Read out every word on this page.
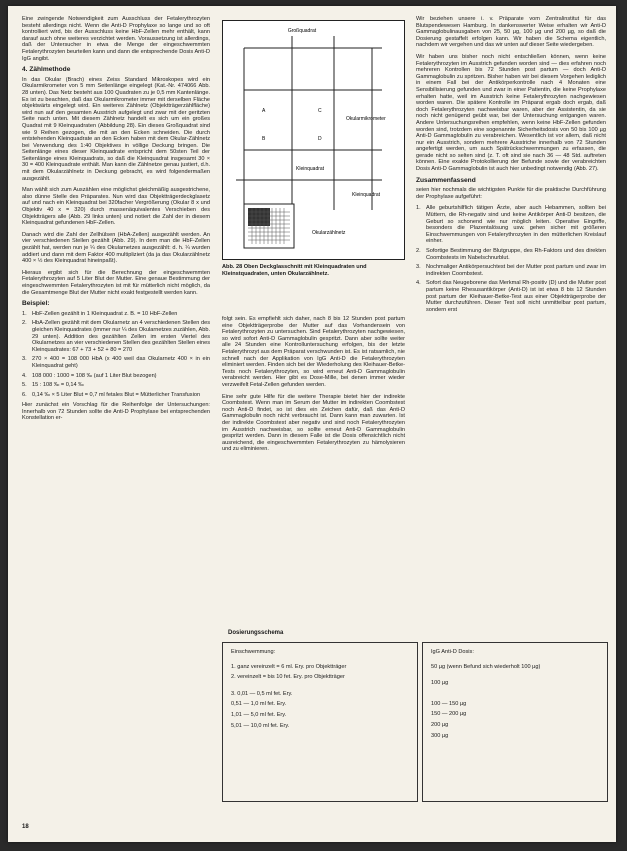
Eine zwingende Notwendigkeit zum Ausschluss der Fetalerythrozyten besteht allerdings nicht. Wenn die Anti-D Prophylaxe so lange und so oft kontrolliert wird, bis der Ausschluss keine HbF-Zellen mehr enthält, kann darauf auch ohne weiteres verzichtet werden. Voraussetzung ist allerdings, daß der Untersucher in etwa die Menge der eingeschwemmten Fetalerythrozyten beurteilen kann und dann die entsprechende Dosis Anti-D IgG angibt.

4. Zählmethode

In das Okular (Brach) eines Zeiss Standard Mikroskopes wird ein Okularmikrometer von 5 mm Seitenlänge eingelegt (Kat.-Nr. 474066 Abb. 28 unten). Das Netz besteht aus 100 Quadraten zu je 0,5 mm Kantenlänge. Es ist zu beachten, daß das Okularmikrometer immer mit derselben Fläche objektwärts eingelegt wird. Ein weiteres Zählnetz (Objektträgerzählfläche) wird nun auf den gesamten Ausstrich aufgelegt und zwar mit der geritzten Seite nach unten. Mit diesem Zählnetz handelt es sich um ein großes Quadrat mit 9 Kleinquadraten (Abbildung 28). Ein dieses Großquadrat sind wie 9 Reihen gezogen, die mit an den Ecken schneiden. Die durch entstehenden Kleinquadrate an den Ecken haben mit dem Okular-Zählnetz bei Verwendung des 1:40 Objektives in völlige Deckung bringen. Die Seitenlänge eines dieser Kleinquadrate entspricht dem 50sten Teil der Seitenlänge eines Kleinquadrats, so daß die Kleinquadrat insgesamt 30 × 30 = 400 Kleinquadrate enthält. Man kann die Zählnetze genau justiert, d.h. mit dem Okularzählnetz in Deckung gebracht, es wird folgendermaßen ausgezählt.

Man wählt sich zum Auszählen eine möglichst gleichmäßig ausgestrichene, also dünne Stelle des Präparates. Nun wird das Objektträgerdeckglasetz auf und nach ein Kleinquadrat bei 320facher Vergrößerung (Okular 8 x und Objektiv 40 x = 320) durch massenäquivalentes Verschieben des Objektträgers alle (Abb. 29 links unten) und notiert die Zahl der in diesem Kleinquadrat gefundenen HbF-Zellen.

Danach wird die Zahl der Zellhülsen (HbA-Zellen) ausgezählt werden. An vier verschiedenen Stellen gezählt (Abb. 29). In dem man die HbF-Zellen gezählt hat, werden nun je ¼ des Okularnetzes ausgezählt: d. h. ¼ wurden addiert und dann mit dem Faktor 400 multipliziert (da ja das Okularzählnetz 400 × ½ des Kleinquadrat hineinpaßt).

Hieraus ergibt sich für die Berechnung der eingeschwemmten Fetalerythrozyten auf 5 Liter Blut der Mutter. Eine genaue Bestimmung der eingeschwemmten Fetalerythrozyten ist mit für mütterlich nicht möglich, da die Gesamtmenge Blut der Mutter nicht exakt festgestellt werden kann.

Beispiel:
1. HbF-Zellen gezählt in 1 Kleinquadrat z. B. = 10 HbF-Zellen
2. HbA-Zellen gezählt mit dem Okularnetz an 4 verschiedenen Stellen des gleichen Kleinquadrates (immer nur ¼ des Okularnetzes zuzählen, Abb. 29 unten). Addition des gezählten Zellen im ersten Viertel des Okularnetzes an vier verschiedenen Stellen des gezählten Stellen eines Kleinquadrates: 67 + 73 + 52 + 80 = 270
3. 270 × 400 = 108 000 HbA (x 400 weil das Okularnetz 400 × in ein Kleinquadrat geht)
4. 108 000 : 1000 = 108 ‰ (auf 1 Liter Blut bezogen)
5. 15 : 108 ‰ = 0,14 ‰
6. 0,14 ‰ × 5 Liter Blut = 0,7 ml fetales Blut = Mütterlicher Transfusion

Hier zunächst ein Vorschlag für die Reihenfolge der Untersuchungen: Innerhalb von 72 Stunden sollte die Anti-D Prophylaxe bei entsprechenden Konstellation er-

Großquadrat
Okularmikrometer
Kleinquadrat
Kleinquadrat
Okularzählnetz
A
B
C
D
Abb. 28 Oben Deckglasschnitt mit Kleinquadraten und Kleinstquadraten, unten Okularzählnetz.

folgt sein. Es empfiehlt sich daher, nach 8 bis 12 Stunden post partum eine Objektträgerprobe der Mutter auf das Vorhandensein von Fetalerythrozyten zu untersuchen. Sind Fetalerythrozyten nachgewiesen, so wird sofort Anti-D Gammaglobulin gespritzt. Dann aber sollte weiter alle 24 Stunden eine Kontrolluntersuchung erfolgen, bis der letzte Fetalerythrozyt aus dem Präparat verschwunden ist. Es ist ratsamlich, nie schnell nach der Applikation von IgG Anti-D die Fetalerythrozyten eliminiert werden. Finden sich bei der Wiederholung des Kleihauer-Betke-Tests noch Fetalerythrozyten, so wird erneut Anti-D Gammaglobulin verabreicht werden. Hier gibt es Dose-Mille, bei denen immer wieder verzweifelt Fetal-Zellen gefunden werden.

Eine sehr gute Hilfe für die weitere Therapie bietet hier der indirekte Coombstest. Wenn man im Serum der Mutter im indirekten Coombstest noch Anti-D findet, so ist dies ein Zeichen dafür, daß das Anti-D Gammaglobulin noch nicht verbraucht ist. Dann kann man zuwarten. Ist der indirekte Coombstest aber negativ und sind noch Fetalerythrozyten im Ausstrich nachweisbar, so sollte erneut Anti-D Gammaglobulin gespritzt werden. Dann in diesem Falle ist die Dosis offensichtlich nicht ausreichend, die eingeschwemmten Fetalerythrozyten zu hämolysieren und zu eliminieren.

Wir beziehen unsere i. v. Präparate vom Zentralinstitut für das Blutspendewesen Hamburg. In dankenswerter Weise erhalten wir Anti-D Gammaglobulinausgaben von 25, 50 µg, 100 µg und 200 µg, so daß die Dosierung gestaffelt erfolgen kann. Wir haben die Schema eigentlich, nachdem wir vergehen und das wir unten auf dieser Seite wiedergeben.

Wir haben uns bisher noch nicht entschließen können, wenn keine Fetalerythrozyten im Ausstrich gefunden worden sind — dies erfahren noch mehreren Kontrollen bis 72 Stunden post partum — doch Anti-D Gammaglobulin zu spritzen. Bisher haben wir bei diesem Vorgehen lediglich in einem Fall bei der Antikörperkontrolle nach 4 Monaten eine Sensibilisierung gefunden und zwar in einer Patientin, die keine Prophylaxe erhalten hatte, weil im Ausstrich keine Fetalerythrozyten nachgewiesen worden waren. Die spätere Kontrolle im Präparat ergab doch ergab, daß doch Fetalerythrozyten nachweisbar waren, aber der Assistentin, da sie noch nicht genügend geübt war, bei der Untersuchung entgangen waren. Andere Untersuchungsreihen empfehlen, wenn keine HbF-Zellen gefunden worden sind, trotzdem eine sogenannte Sicherheitsdosis von 50 bis 100 µg Anti-D Gammaglobulin zu verabreichen. Wesentlich ist vor allem, daß nicht nur ein Ausstrich, sondern mehrere Ausstriche innerhalb von 72 Stunden angefertigt werden, um auch Spätrückschwemmungen zu erfassen, die gerade nicht so selten sind (z. T. oft sind sie nach 36 — 48 Std. auftreten können. Eine exakte Protokollierung der Befunde sowie der verabreichten Dosis Anti-D Gammaglobulin ist auch hier unbedingt notwendig (Abb. 27).

Zusammenfassend

seien hier nochmals die wichtigsten Punkte für die praktische Durchführung der Prophylaxe aufgeführt:

1. Alle geburtshilflich tätigen Ärzte, aber auch Hebammen, sollten bei Müttern, die Rh-negativ sind und keine Antikörper Anti-D besitzen, die Geburt so schonend wie nur möglich leiten. Operative Eingriffe, besonders die Plazentalösung usw. gehen sicher mit größeren Einschwemmungen von Fetalerythrozyten in den mütterlichen Kreislauf einher.
2. Sofortige Bestimmung der Blutgruppe, des Rh-Faktors und des direkten Coombstests im Nabelschnurblut.
3. Nochmaliger Antikörpersuchtest bei der Mutter post partum und zwar im indirekten Coombstest.
4. Sofort das Neugeborene das Merkmal Rh-positiv (D) und die Mutter post partum keine Rhesusantikörper (Anti-D) ist ist etwa 8 bis 12 Stunden post partum der Kleihauer-Betke-Test aus einer Objektträgerprobe der Mutter durchzuführen. Dieser Test soll nicht unmittelbar post partum, sondern erst
Dosierungsschema
Einschwemmung:
1. ganz vereinzelt = 6 ml. Ery. pro Objektträger
2. vereinzelt = bis 10 fet. Ery. pro Objektträger
3. 0,01 — 0,5 ml fet. Ery.
0,51 — 1,0 ml fet. Ery.
1,01 — 5,0 ml fet. Ery.
5,01 — 10,0 ml fet. Ery.
IgG Anti-D Dosis:
50 µg (wenn Befund sich wiederholt 100 µg)
100 µg
100 — 150 µg
150 — 200 µg
200 µg
300 µg
18
